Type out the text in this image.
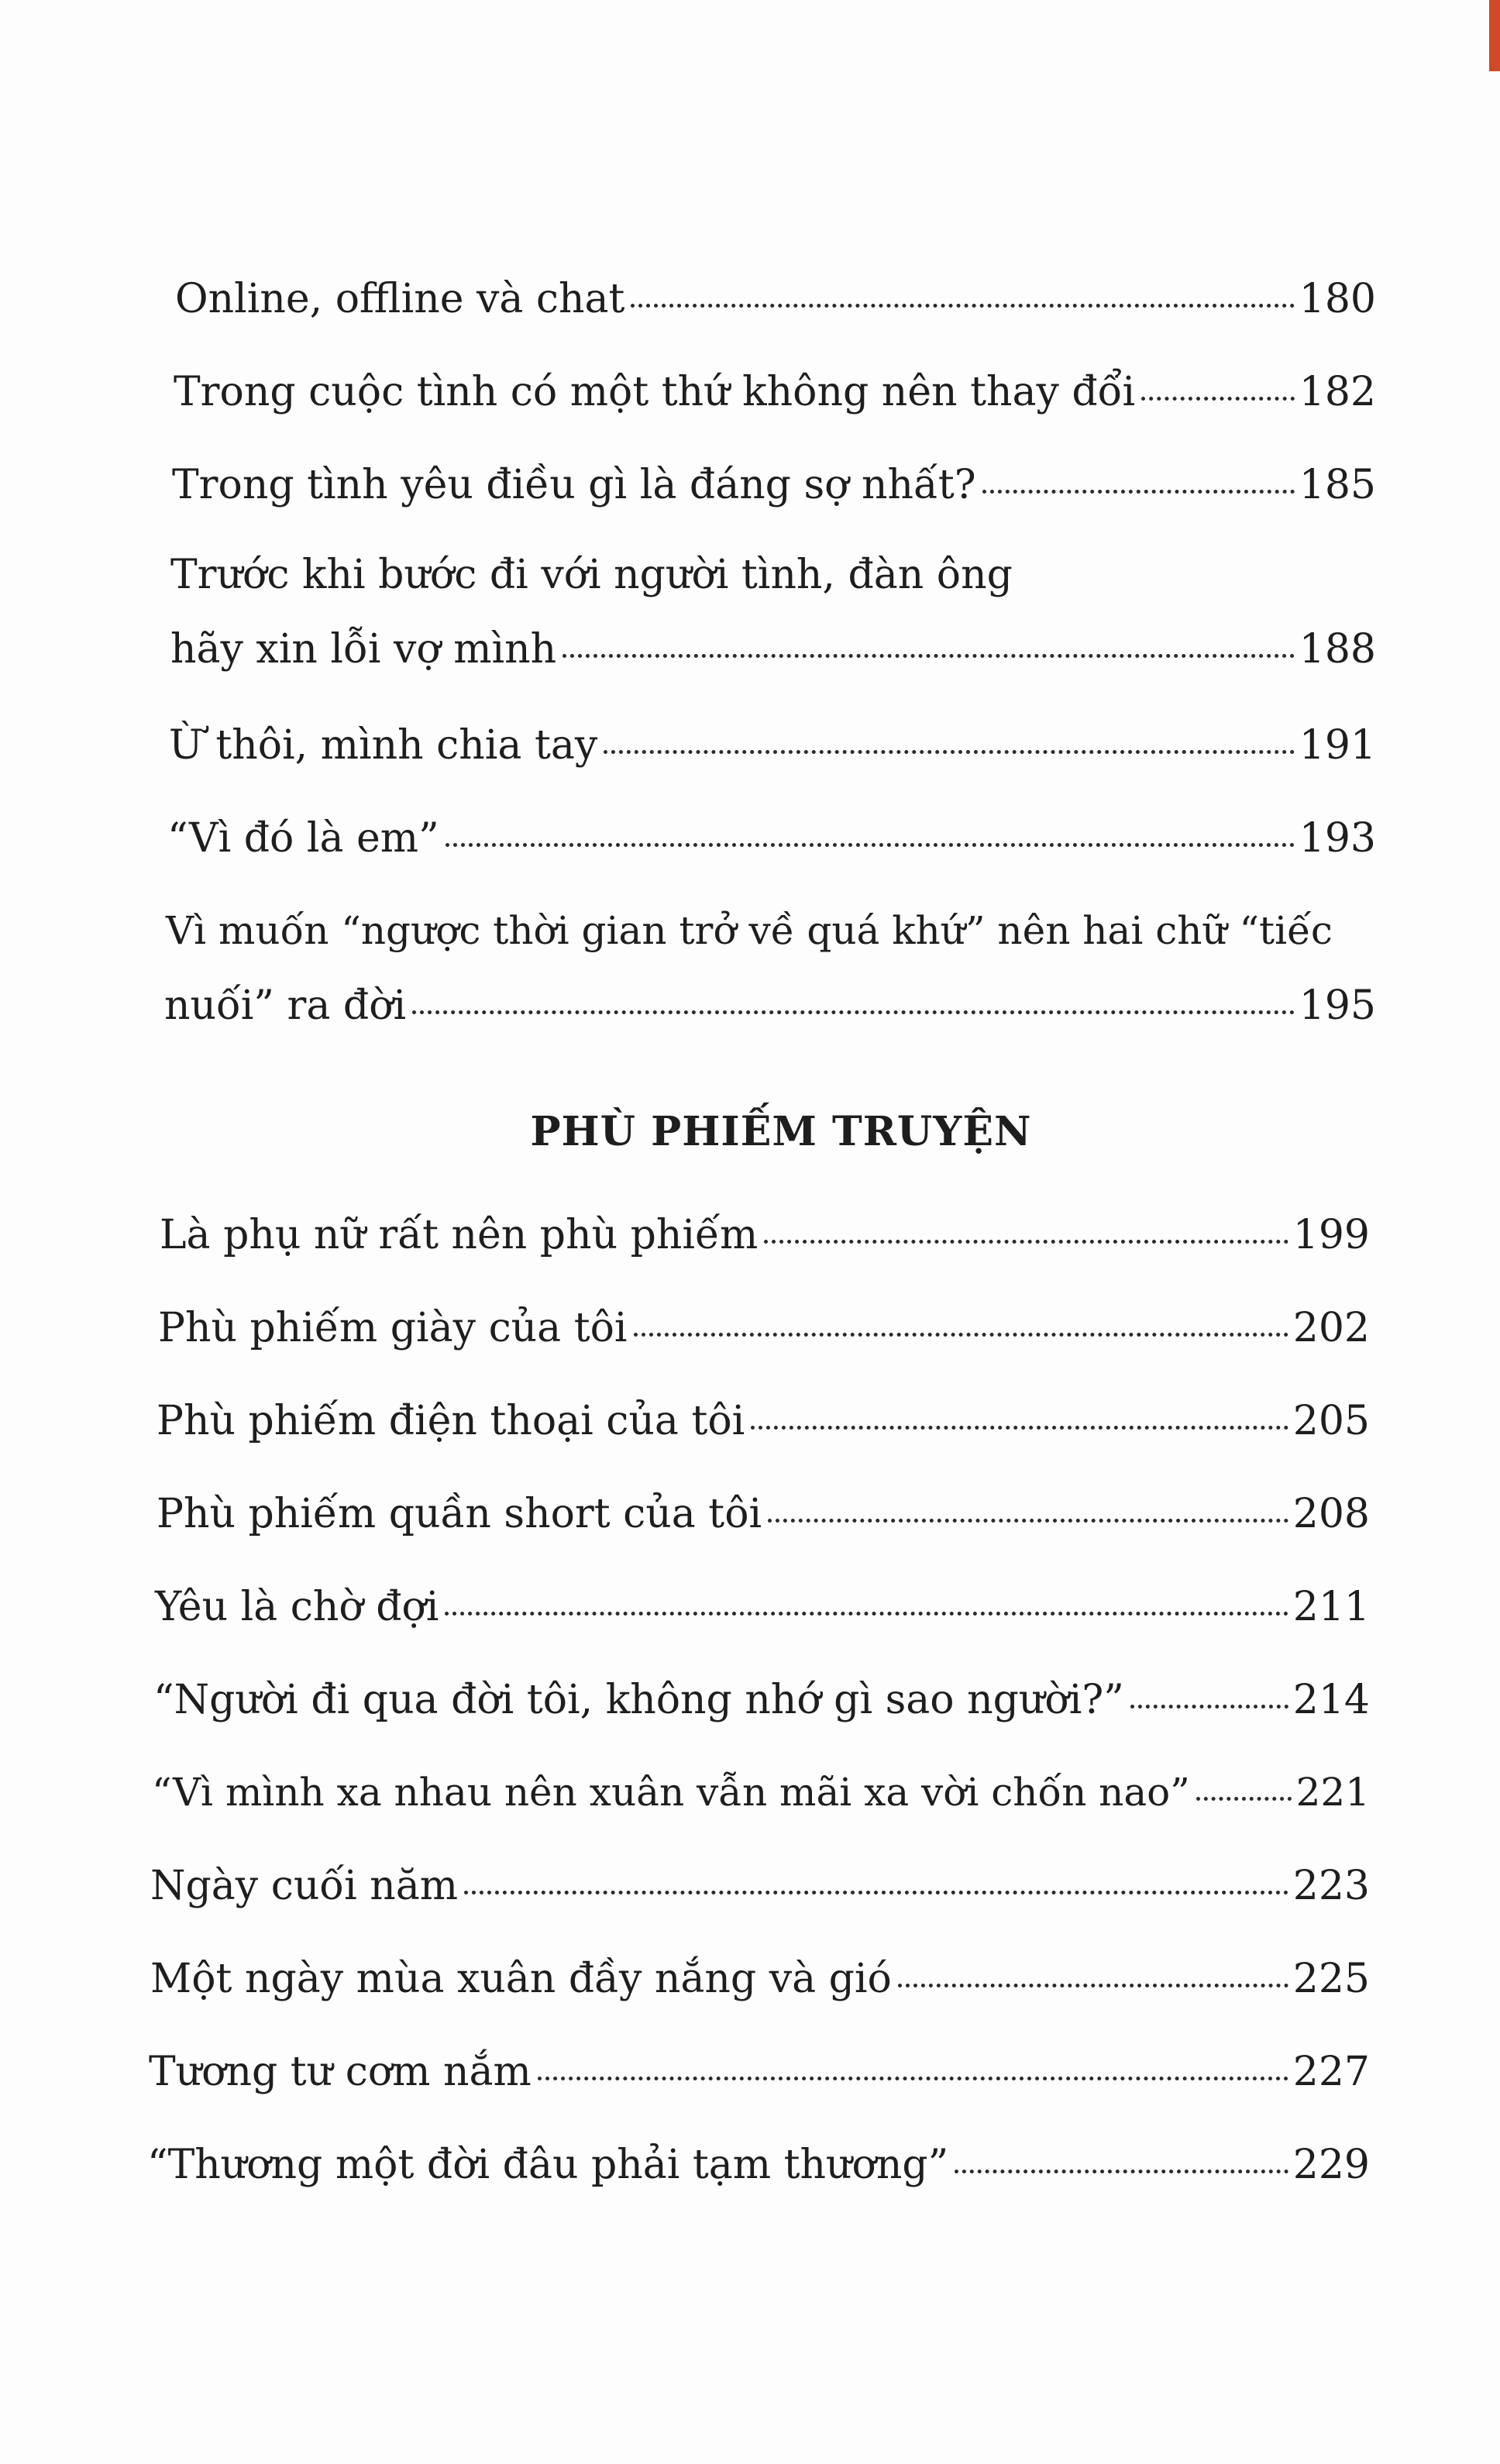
Online, offline và chat	180
Trong cuộc tình có một thứ không nên thay đổi	182
Trong tình yêu điều gì là đáng sợ nhất?	185
Trước khi bước đi với người tình, đàn ông
hãy xin lỗi vợ mình	188
Ừ thôi, mình chia tay	191
“Vì đó là em”	193
Vì muốn “ngược thời gian trở về quá khứ” nên hai chữ “tiếc
nuối” ra đời	195
PHÙ PHIẾM TRUYỆN
Là phụ nữ rất nên phù phiếm	199
Phù phiếm giày của tôi	202
Phù phiếm điện thoại của tôi	205
Phù phiếm quần short của tôi	208
Yêu là chờ đợi	211
“Người đi qua đời tôi, không nhớ gì sao người?”	214
“Vì mình xa nhau nên xuân vẫn mãi xa vời chốn nao”	221
Ngày cuối năm	223
Một ngày mùa xuân đầy nắng và gió	225
Tương tư cơm nắm	227
“Thương một đời đâu phải tạm thương”	229
